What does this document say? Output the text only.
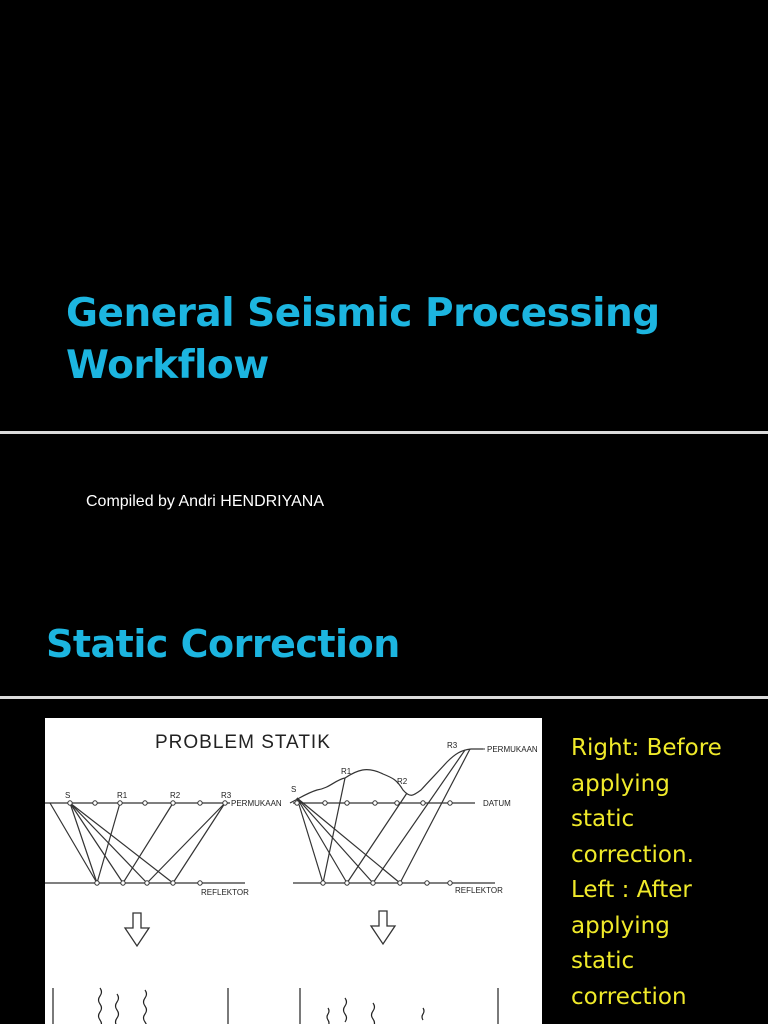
General Seismic Processing
Workflow

Compiled by Andri HENDRIYANA

Static Correction
PROBLEM STATIK
S	R1	R2	R3
PERMUKAAN
REFLEKTOR
S
R1
R2
R3	PERMUKAAN
DATUM
REFLEKTOR
Right: Before
applying
static
correction.
Left : After
applying
static
correction
